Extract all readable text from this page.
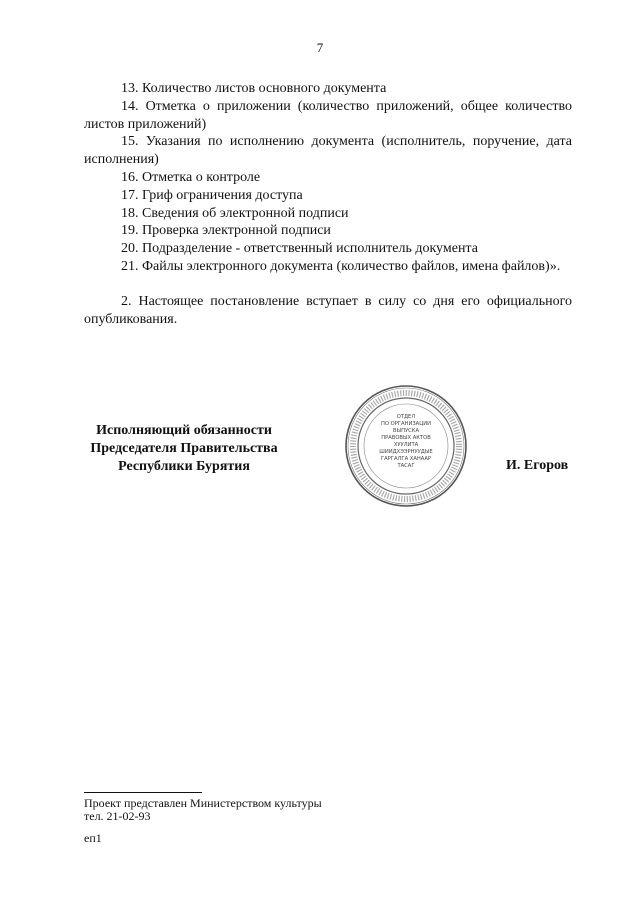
7

13. Количество листов основного документа

14. Отметка о приложении (количество приложений, общее количество листов приложений)

15. Указания по исполнению документа (исполнитель, поручение, дата исполнения)

16. Отметка о контроле

17. Гриф ограничения доступа

18. Сведения об электронной подписи

19. Проверка электронной подписи

20. Подразделение - ответственный исполнитель документа

21. Файлы электронного документа (количество файлов, имена файлов)».

2. Настоящее постановление вступает в силу со дня его официального опубликования.

Исполняющий обязанности
Председателя Правительства
Республики Бурятия
ОТДЕЛ
ПО ОРГАНИЗАЦИИ
ВЫПУСКА
ПРАВОВЫХ АКТОВ
ХУУЛИТА
ШИИДХЭЭРНУУДЫЕ
ГАРГАЛГА ХАНААР
ТАСАГ	И. Егоров
Проект представлен Министерством культуры
тел. 21-02-93
еп1
